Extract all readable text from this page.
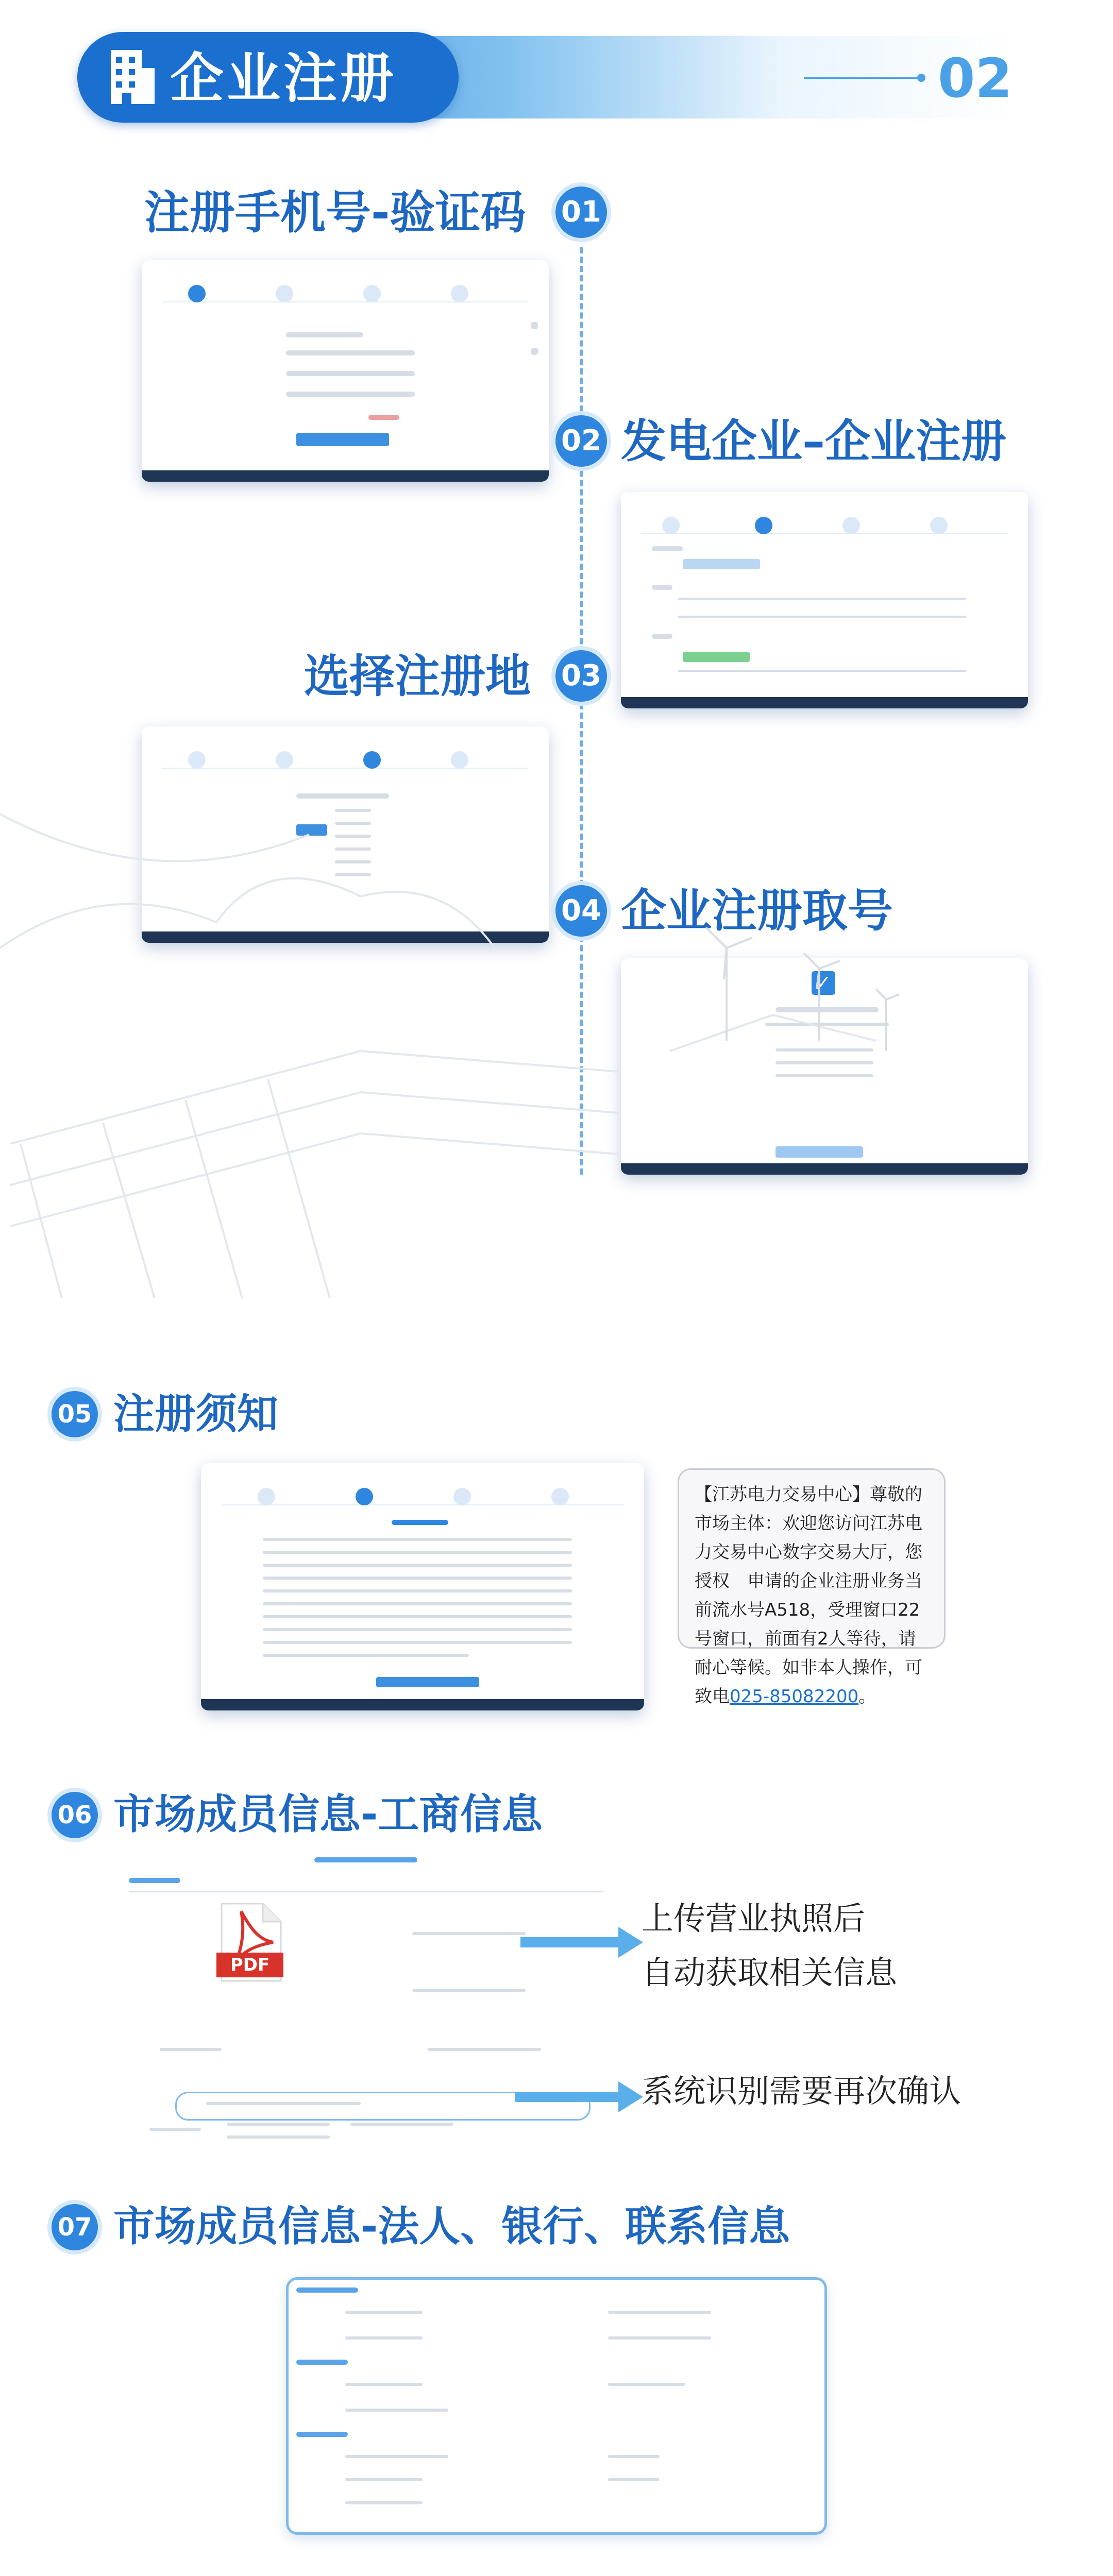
企业注册	02
注册手机号-验证码 01
02 发电企业–企业注册
选择注册地 03
04 企业注册取号
✓
05 注册须知
【江苏电力交易中心】尊敬的市场主体：欢迎您访问江苏电力交易中心数字交易大厅，您授权　申请的企业注册业务当前流水号A518，受理窗口22号窗口，前面有2人等待，请耐心等候。如非本人操作，可致电025-85082200。
06 市场成员信息-工商信息
PDF
上传营业执照后
自动获取相关信息
系统识别需要再次确认
07 市场成员信息-法人、银行、联系信息
